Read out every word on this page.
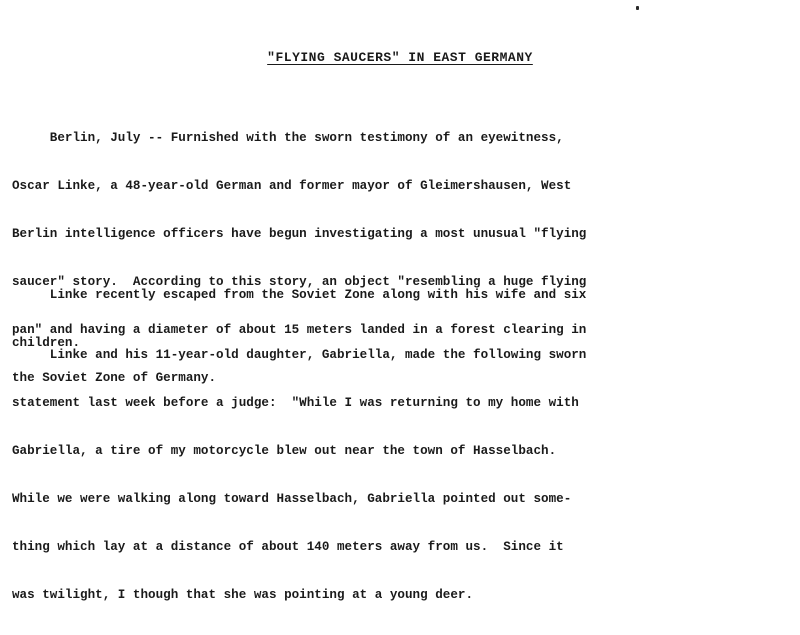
"FLYING SAUCERS" IN EAST GERMANY

Berlin, July -- Furnished with the sworn testimony of an eyewitness,

Oscar Linke, a 48-year-old German and former mayor of Gleimershausen, West

Berlin intelligence officers have begun investigating a most unusual "flying

saucer" story.  According to this story, an object "resembling a huge flying

pan" and having a diameter of about 15 meters landed in a forest clearing in

the Soviet Zone of Germany.

Linke recently escaped from the Soviet Zone along with his wife and six

children.

Linke and his 11-year-old daughter, Gabriella, made the following sworn

statement last week before a judge:  "While I was returning to my home with

Gabriella, a tire of my motorcycle blew out near the town of Hasselbach.

While we were walking along toward Hasselbach, Gabriella pointed out some-

thing which lay at a distance of about 140 meters away from us.  Since it

was twilight, I though that she was pointing at a young deer.
